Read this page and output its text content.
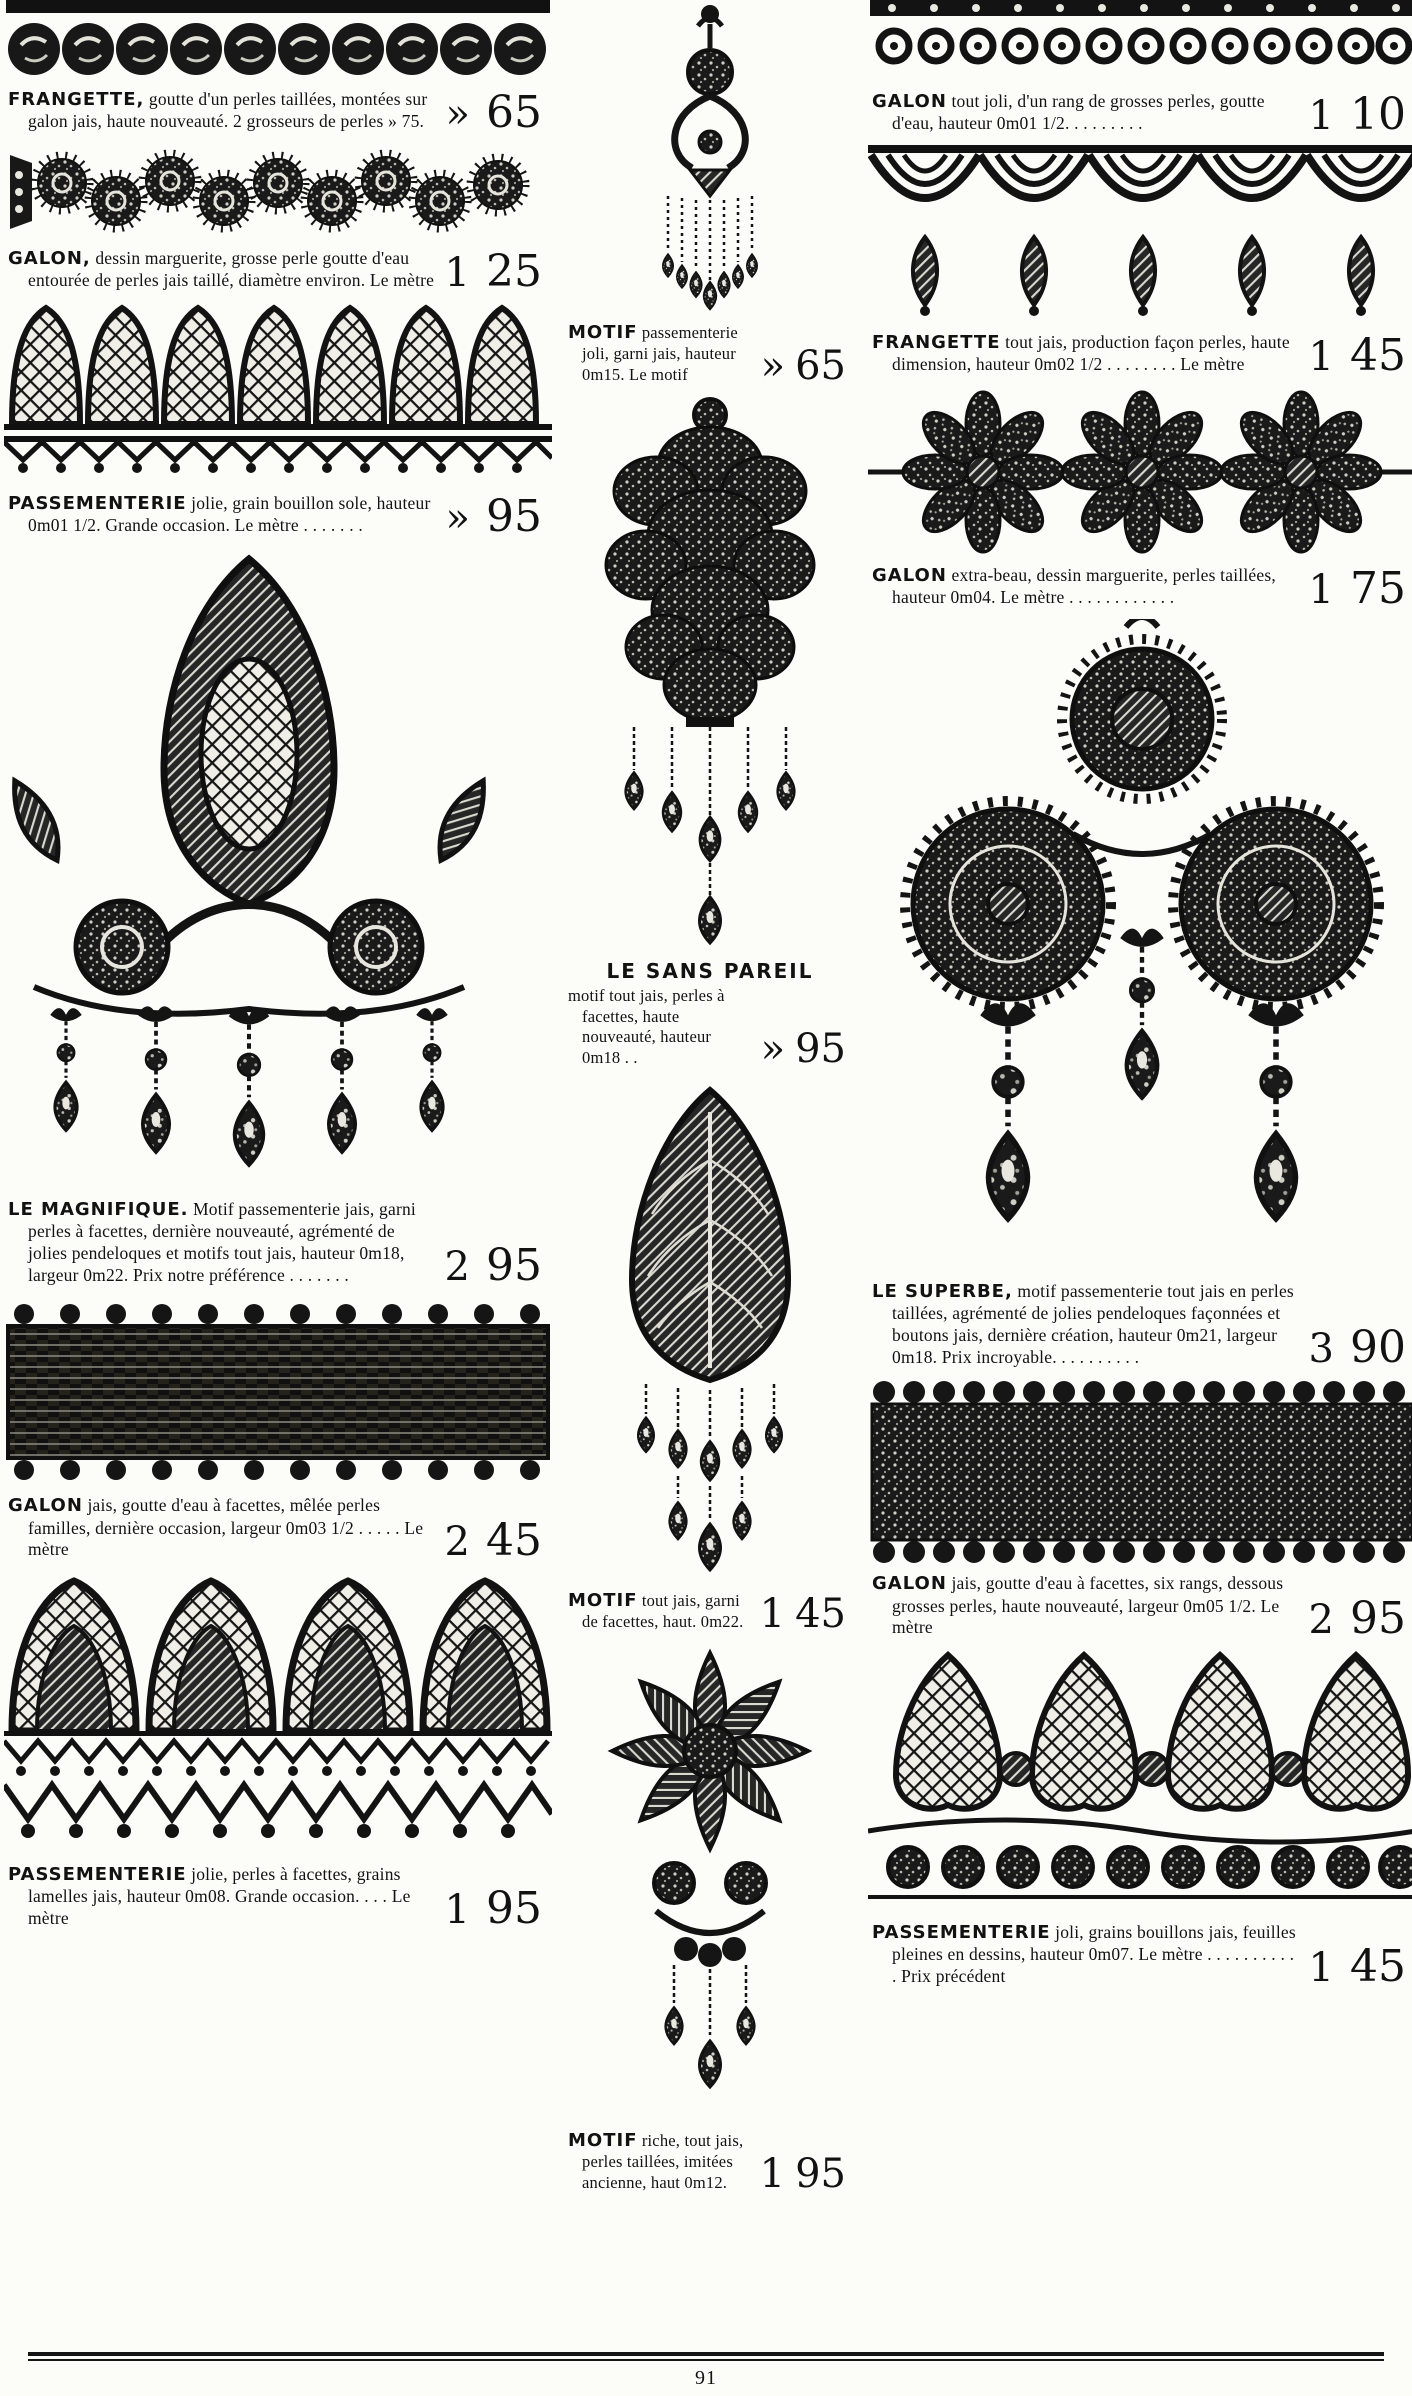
FRANGETTE, goutte d'un perles taillées, montées sur galon jais, haute nouveauté. 2 grosseurs de perles » 75. » 65

GALON, dessin marguerite, grosse perle goutte d'eau entourée de perles jais taillé, diamètre environ. Le mètre 1 25

PASSEMENTERIE jolie, grain bouillon sole, hauteur 0m01 1/2. Grande occasion. Le mètre . . . . . . .	» 95

LE MAGNIFIQUE. Motif passementerie jais, garni perles à facettes, dernière nouveauté, agrémenté de jolies pendeloques et motifs tout jais, hauteur 0m18, largeur 0m22. Prix notre préférence . . . . . . .	2 95

GALON jais, goutte d'eau à facettes, mêlée perles familles, dernière occasion, largeur 0m03 1/2 . . . . . Le mètre	2 45

PASSEMENTERIE jolie, perles à facettes, grains lamelles jais, hauteur 0m08. Grande occasion. . . . Le mètre	1 95

MOTIF passementerie joli, garni jais, hauteur 0m15. Le motif	» 65
LE SANS PAREIL

motif tout jais, perles à facettes, haute nouveauté, hauteur 0m18 . .	» 95

MOTIF tout jais, garni de facettes, haut. 0m22. 1 45

MOTIF riche, tout jais, perles taillées, imitées ancienne, haut 0m12. 1 95

GALON tout joli, d'un rang de grosses perles, goutte d'eau, hauteur 0m01 1/2. . . . . . . . .	1 10

FRANGETTE tout jais, production façon perles, haute dimension, hauteur 0m02 1/2 . . . . . . . . Le mètre	1 45

GALON extra-beau, dessin marguerite, perles taillées, hauteur 0m04. Le mètre . . . . . . . . . . . .	1 75

LE SUPERBE, motif passementerie tout jais en perles taillées, agrémenté de jolies pendeloques façonnées et boutons jais, dernière création, hauteur 0m21, largeur 0m18. Prix incroyable. . . . . . . . . .	3 90

GALON jais, goutte d'eau à facettes, six rangs, dessous grosses perles, haute nouveauté, largeur 0m05 1/2. Le mètre	2 95

PASSEMENTERIE joli, grains bouillons jais, feuilles pleines en dessins, hauteur 0m07. Le mètre . . . . . . . . . . . Prix précédent	1 45
91
